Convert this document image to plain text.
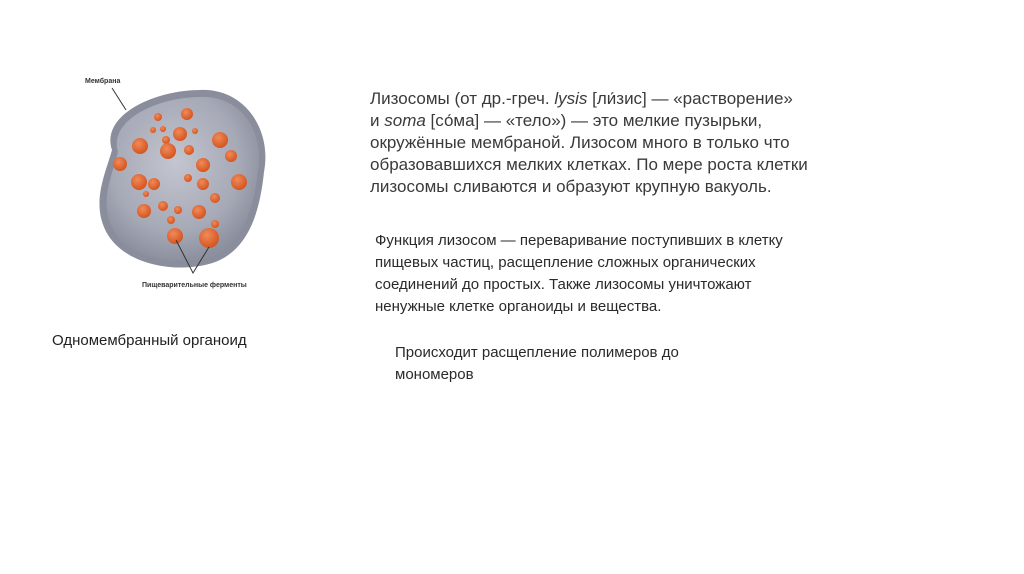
Мембрана
Пищеварительные ферменты
Одномембранный органоид
Лизосомы (от др.-греч. lysis [ли́зис] — «растворение»
и soma [со́ма] — «тело») — это мелкие пузырьки,
окружённые мембраной. Лизосом много в только что
образовавшихся мелких клетках. По мере роста клетки
лизосомы сливаются и образуют крупную вакуоль.
Функция лизосом — переваривание поступивших в клетку
пищевых частиц, расщепление сложных органических
соединений до простых. Также лизосомы уничтожают
ненужные клетке органоиды и вещества.
Происходит расщепление полимеров до
мономеров
